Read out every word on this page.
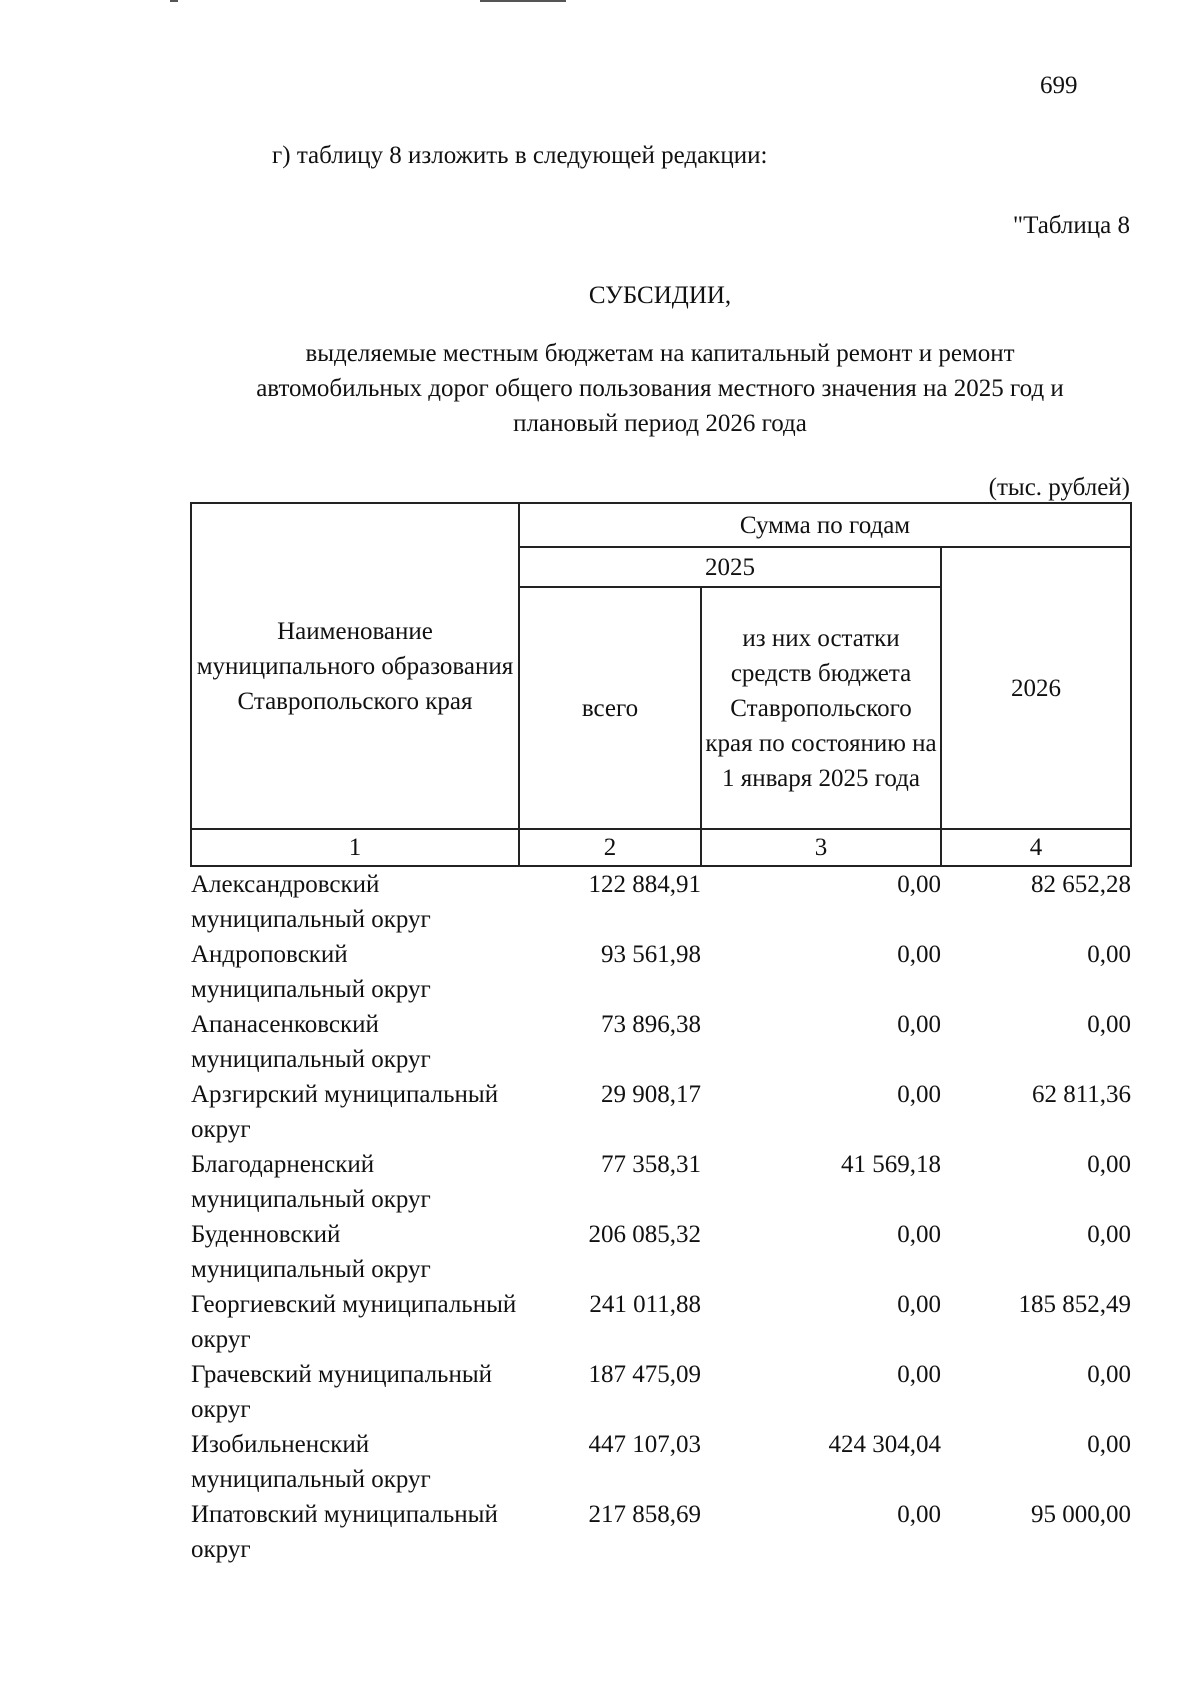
699
г) таблицу 8 изложить в следующей редакции:
"Таблица 8
СУБСИДИИ,
выделяемые местным бюджетам на капитальный ремонт и ремонт
автомобильных дорог общего пользования местного значения на 2025 год и
плановый период 2026 года
(тыс. рублей)
Наименование муниципального образования Ставропольского края	Сумма по годам		
	2025		2026
	всего	из них остатки средств бюджета Ставропольского края по состоянию на 1 января 2025 года	
1	2	3	4
Александровский муниципальный округ	122 884,91	0,00	82 652,28
Андроповский муниципальный округ	93 561,98	0,00	0,00
Апанасенковский муниципальный округ	73 896,38	0,00	0,00
Арзгирский муниципальный округ	29 908,17	0,00	62 811,36
Благодарненский муниципальный округ	77 358,31	41 569,18	0,00
Буденновский муниципальный округ	206 085,32	0,00	0,00
Георгиевский муниципальный округ	241 011,88	0,00	185 852,49
Грачевский муниципальный округ	187 475,09	0,00	0,00
Изобильненский муниципальный округ	447 107,03	424 304,04	0,00
Ипатовский муниципальный округ	217 858,69	0,00	95 000,00
